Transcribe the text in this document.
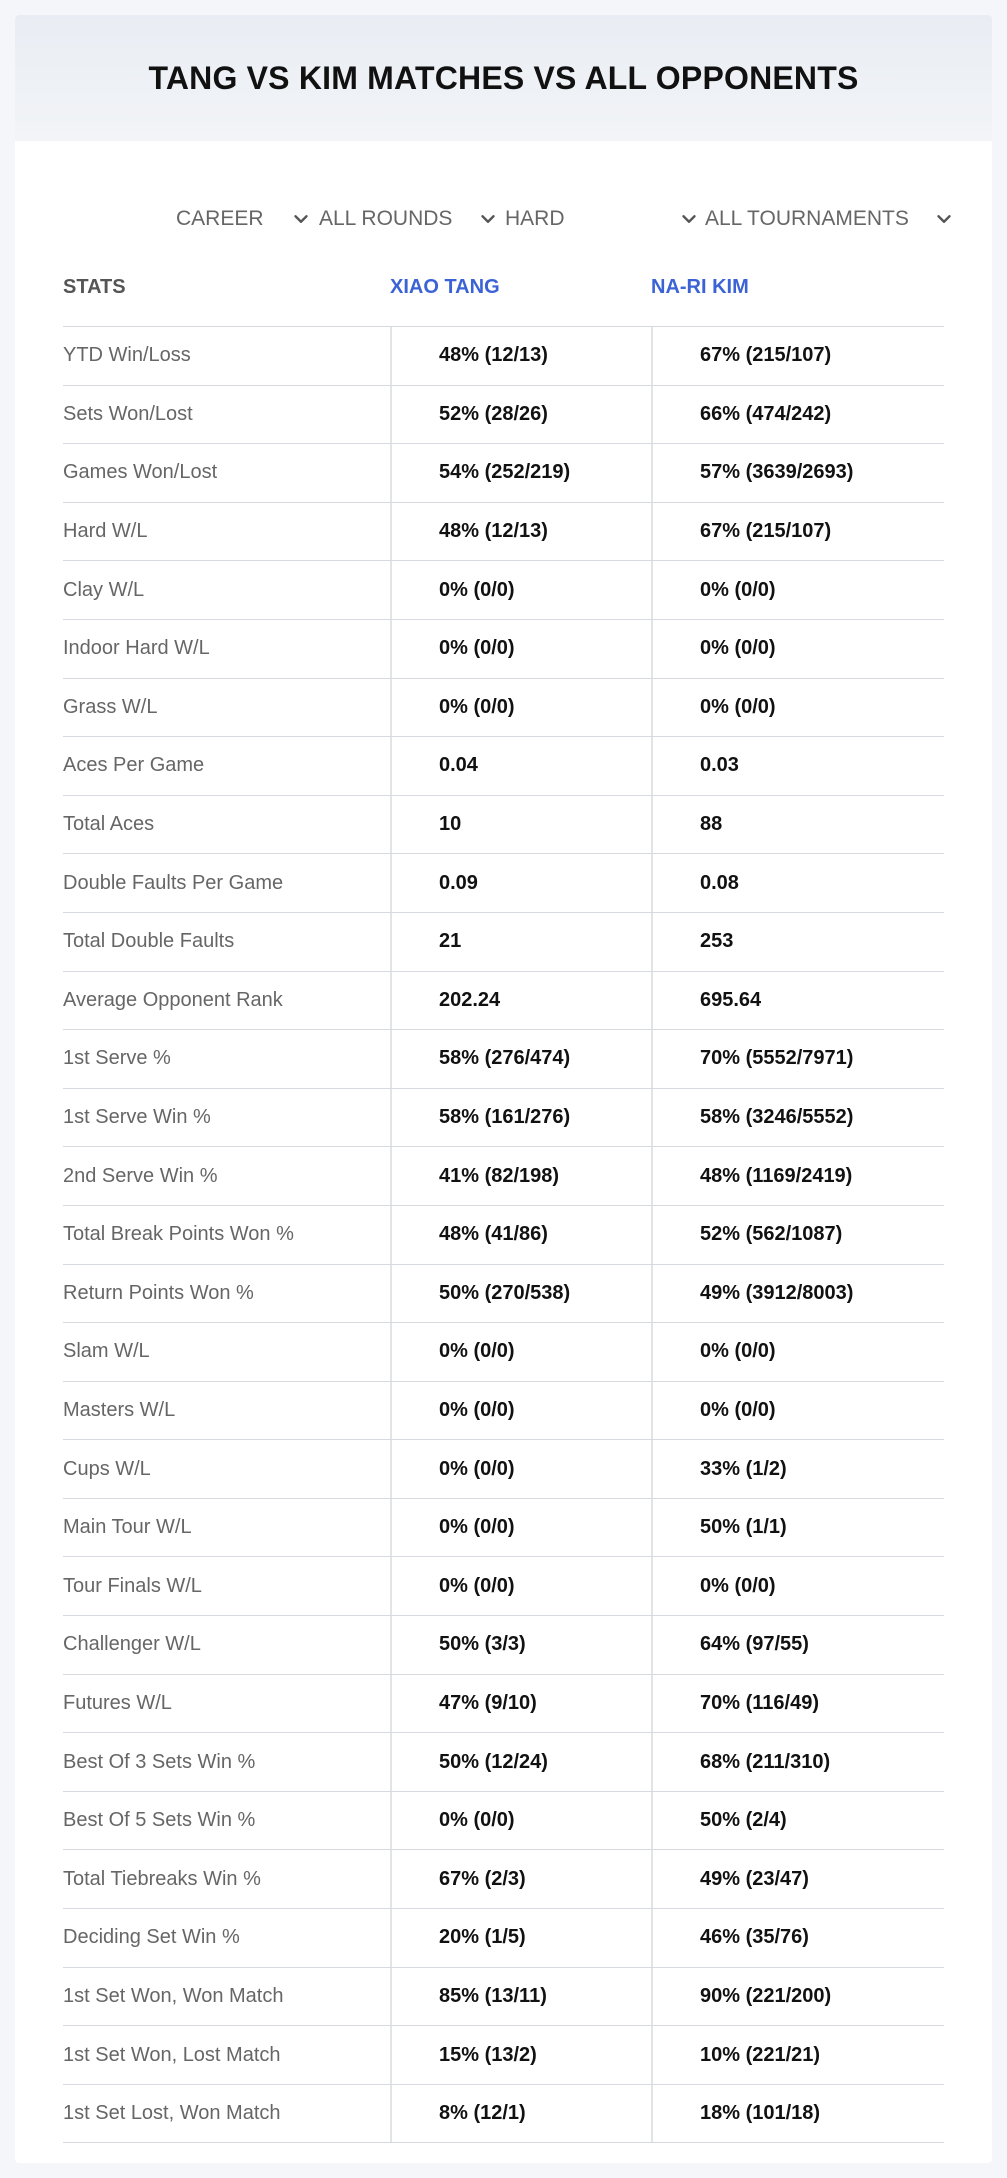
TANG VS KIM MATCHES VS ALL OPPONENTS
CAREER	ALL ROUNDS	HARD	ALL TOURNAMENTS
STATS	XIAO TANG	NA-RI KIM
YTD Win/Loss	48% (12/13)	67% (215/107)
Sets Won/Lost	52% (28/26)	66% (474/242)
Games Won/Lost	54% (252/219)	57% (3639/2693)
Hard W/L	48% (12/13)	67% (215/107)
Clay W/L	0% (0/0)	0% (0/0)
Indoor Hard W/L	0% (0/0)	0% (0/0)
Grass W/L	0% (0/0)	0% (0/0)
Aces Per Game	0.04	0.03
Total Aces	10	88
Double Faults Per Game	0.09	0.08
Total Double Faults	21	253
Average Opponent Rank	202.24	695.64
1st Serve %	58% (276/474)	70% (5552/7971)
1st Serve Win %	58% (161/276)	58% (3246/5552)
2nd Serve Win %	41% (82/198)	48% (1169/2419)
Total Break Points Won %	48% (41/86)	52% (562/1087)
Return Points Won %	50% (270/538)	49% (3912/8003)
Slam W/L	0% (0/0)	0% (0/0)
Masters W/L	0% (0/0)	0% (0/0)
Cups W/L	0% (0/0)	33% (1/2)
Main Tour W/L	0% (0/0)	50% (1/1)
Tour Finals W/L	0% (0/0)	0% (0/0)
Challenger W/L	50% (3/3)	64% (97/55)
Futures W/L	47% (9/10)	70% (116/49)
Best Of 3 Sets Win %	50% (12/24)	68% (211/310)
Best Of 5 Sets Win %	0% (0/0)	50% (2/4)
Total Tiebreaks Win %	67% (2/3)	49% (23/47)
Deciding Set Win %	20% (1/5)	46% (35/76)
1st Set Won, Won Match	85% (13/11)	90% (221/200)
1st Set Won, Lost Match	15% (13/2)	10% (221/21)
1st Set Lost, Won Match	8% (12/1)	18% (101/18)
